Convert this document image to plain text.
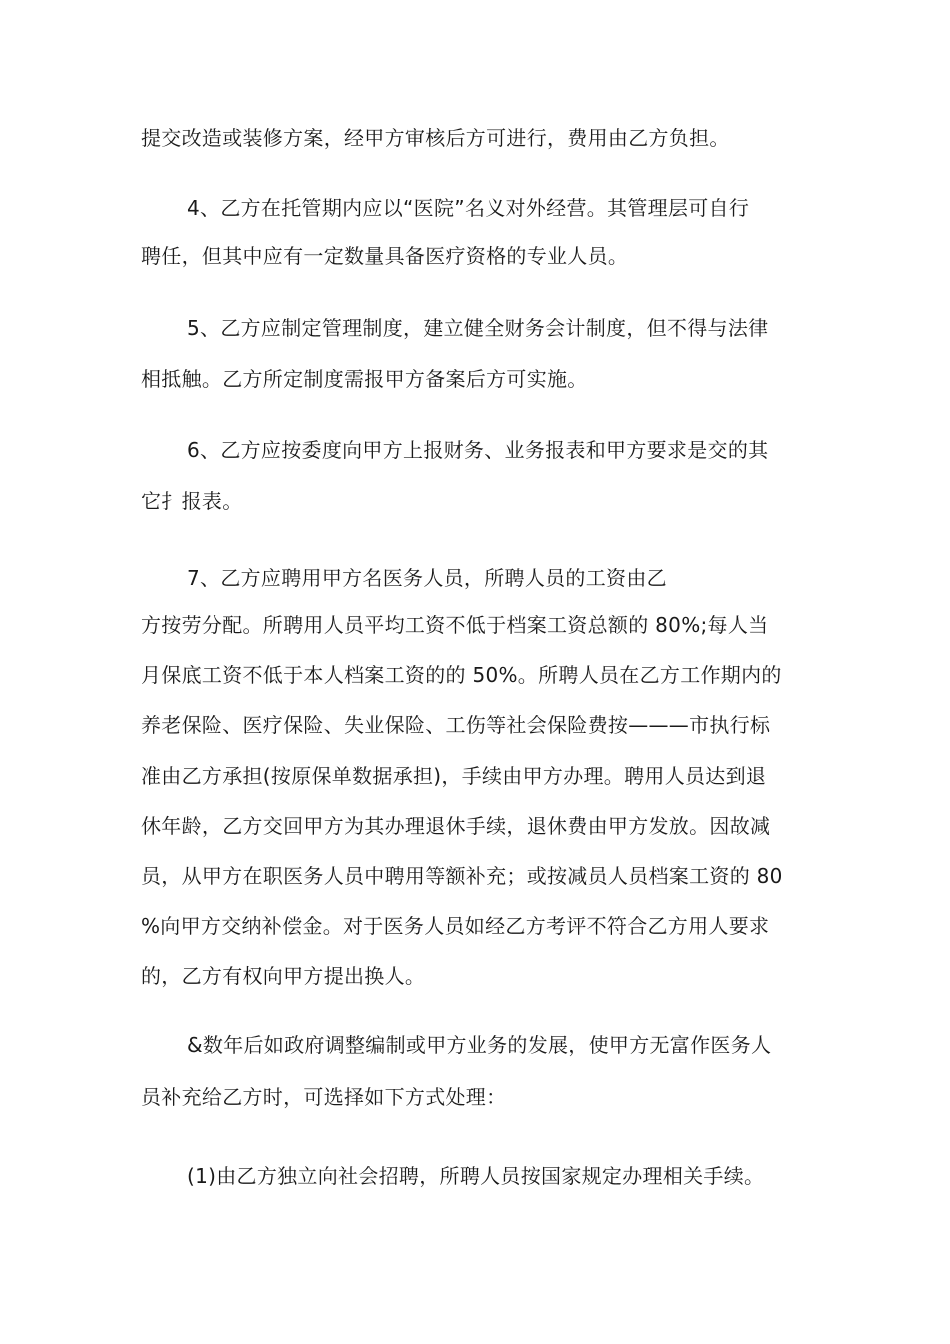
提交改造或装修方案，经甲方审核后方可进行，费用由乙方负担。
4、乙方在托管期内应以“医院”名义对外经营。其管理层可自行
聘任，但其中应有一定数量具备医疗资格的专业人员。
5、乙方应制定管理制度，建立健全财务会计制度，但不得与法律
相抵触。乙方所定制度需报甲方备案后方可实施。
6、乙方应按委度向甲方上报财务、业务报表和甲方要求是交的其
它扌报表。
7、乙方应聘用甲方名医务人员，所聘人员的工资由乙
方按劳分配。所聘用人员平均工资不低于档案工资总额的 80%;每人当
月保底工资不低于本人档案工资的的 50%。所聘人员在乙方工作期内的
养老保险、医疗保险、失业保险、工伤等社会保险费按———市执行标
准由乙方承担(按原保单数据承担)，手续由甲方办理。聘用人员达到退
休年龄，乙方交回甲方为其办理退休手续，退休费由甲方发放。因故减
员，从甲方在职医务人员中聘用等额补充；或按减员人员档案工资的 80
%向甲方交纳补偿金。对于医务人员如经乙方考评不符合乙方用人要求
的，乙方有权向甲方提出换人。
&数年后如政府调整编制或甲方业务的发展，使甲方无富作医务人
员补充给乙方时，可选择如下方式处理：
(1)由乙方独立向社会招聘，所聘人员按国家规定办理相关手续。
